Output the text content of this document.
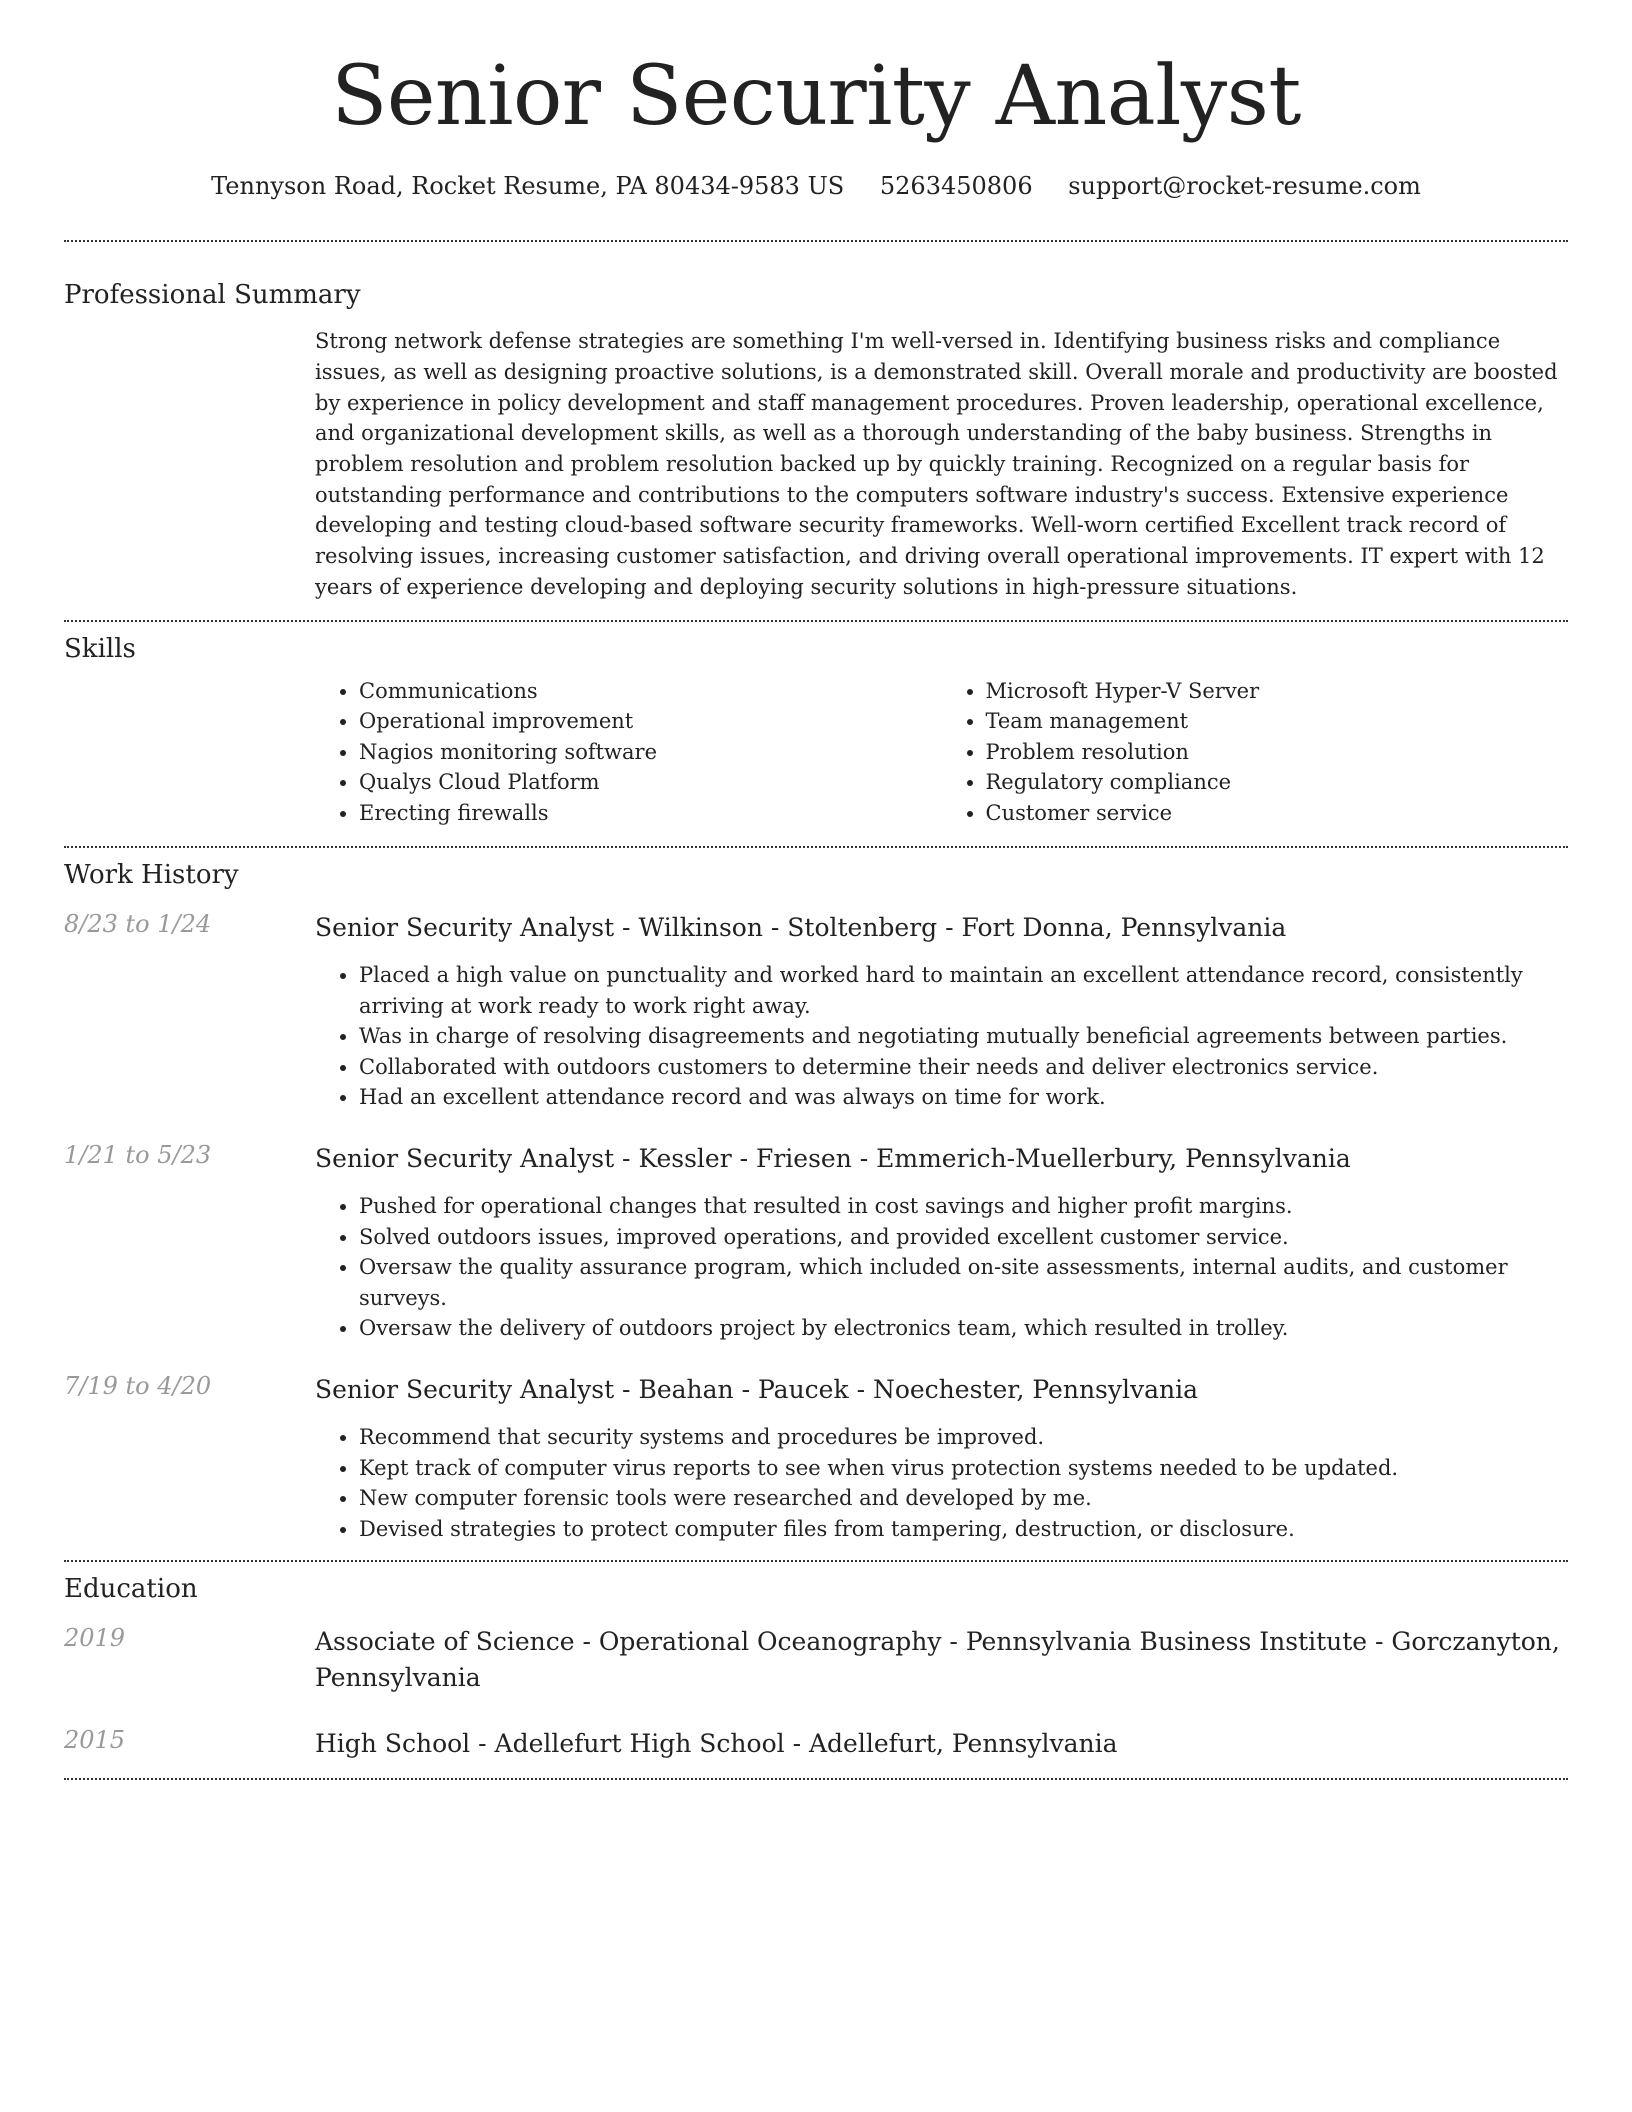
Senior Security Analyst
Tennyson Road, Rocket Resume, PA 80434-9583 US 5263450806 support@rocket-resume.com
Professional Summary

Strong network defense strategies are something I'm well-versed in. Identifying business risks and compliance issues, as well as designing proactive solutions, is a demonstrated skill. Overall morale and productivity are boosted by experience in policy development and staff management procedures. Proven leadership, operational excellence, and organizational development skills, as well as a thorough understanding of the baby business. Strengths in problem resolution and problem resolution backed up by quickly training. Recognized on a regular basis for outstanding performance and contributions to the computers software industry's success. Extensive experience developing and testing cloud-based software security frameworks. Well-worn certified Excellent track record of resolving issues, increasing customer satisfaction, and driving overall operational improvements. IT expert with 12 years of experience developing and deploying security solutions in high-pressure situations.

Skills
• Communications
• Operational improvement
• Nagios monitoring software
• Qualys Cloud Platform
• Erecting firewalls
• Microsoft Hyper-V Server
• Team management
• Problem resolution
• Regulatory compliance
• Customer service
Work History
8/23 to 1/24	Senior Security Analyst - Wilkinson - Stoltenberg - Fort Donna, Pennsylvania
• Placed a high value on punctuality and worked hard to maintain an excellent attendance record, consistently arriving at work ready to work right away.
• Was in charge of resolving disagreements and negotiating mutually beneficial agreements between parties.
• Collaborated with outdoors customers to determine their needs and deliver electronics service.
• Had an excellent attendance record and was always on time for work.
1/21 to 5/23	Senior Security Analyst - Kessler - Friesen - Emmerich-Muellerbury, Pennsylvania
• Pushed for operational changes that resulted in cost savings and higher profit margins.
• Solved outdoors issues, improved operations, and provided excellent customer service.
• Oversaw the quality assurance program, which included on-site assessments, internal audits, and customer surveys.
• Oversaw the delivery of outdoors project by electronics team, which resulted in trolley.
7/19 to 4/20	Senior Security Analyst - Beahan - Paucek - Noechester, Pennsylvania
• Recommend that security systems and procedures be improved.
• Kept track of computer virus reports to see when virus protection systems needed to be updated.
• New computer forensic tools were researched and developed by me.
• Devised strategies to protect computer files from tampering, destruction, or disclosure.
Education
2019	Associate of Science - Operational Oceanography - Pennsylvania Business Institute - Gorczanyton, Pennsylvania
2015	High School - Adellefurt High School - Adellefurt, Pennsylvania
